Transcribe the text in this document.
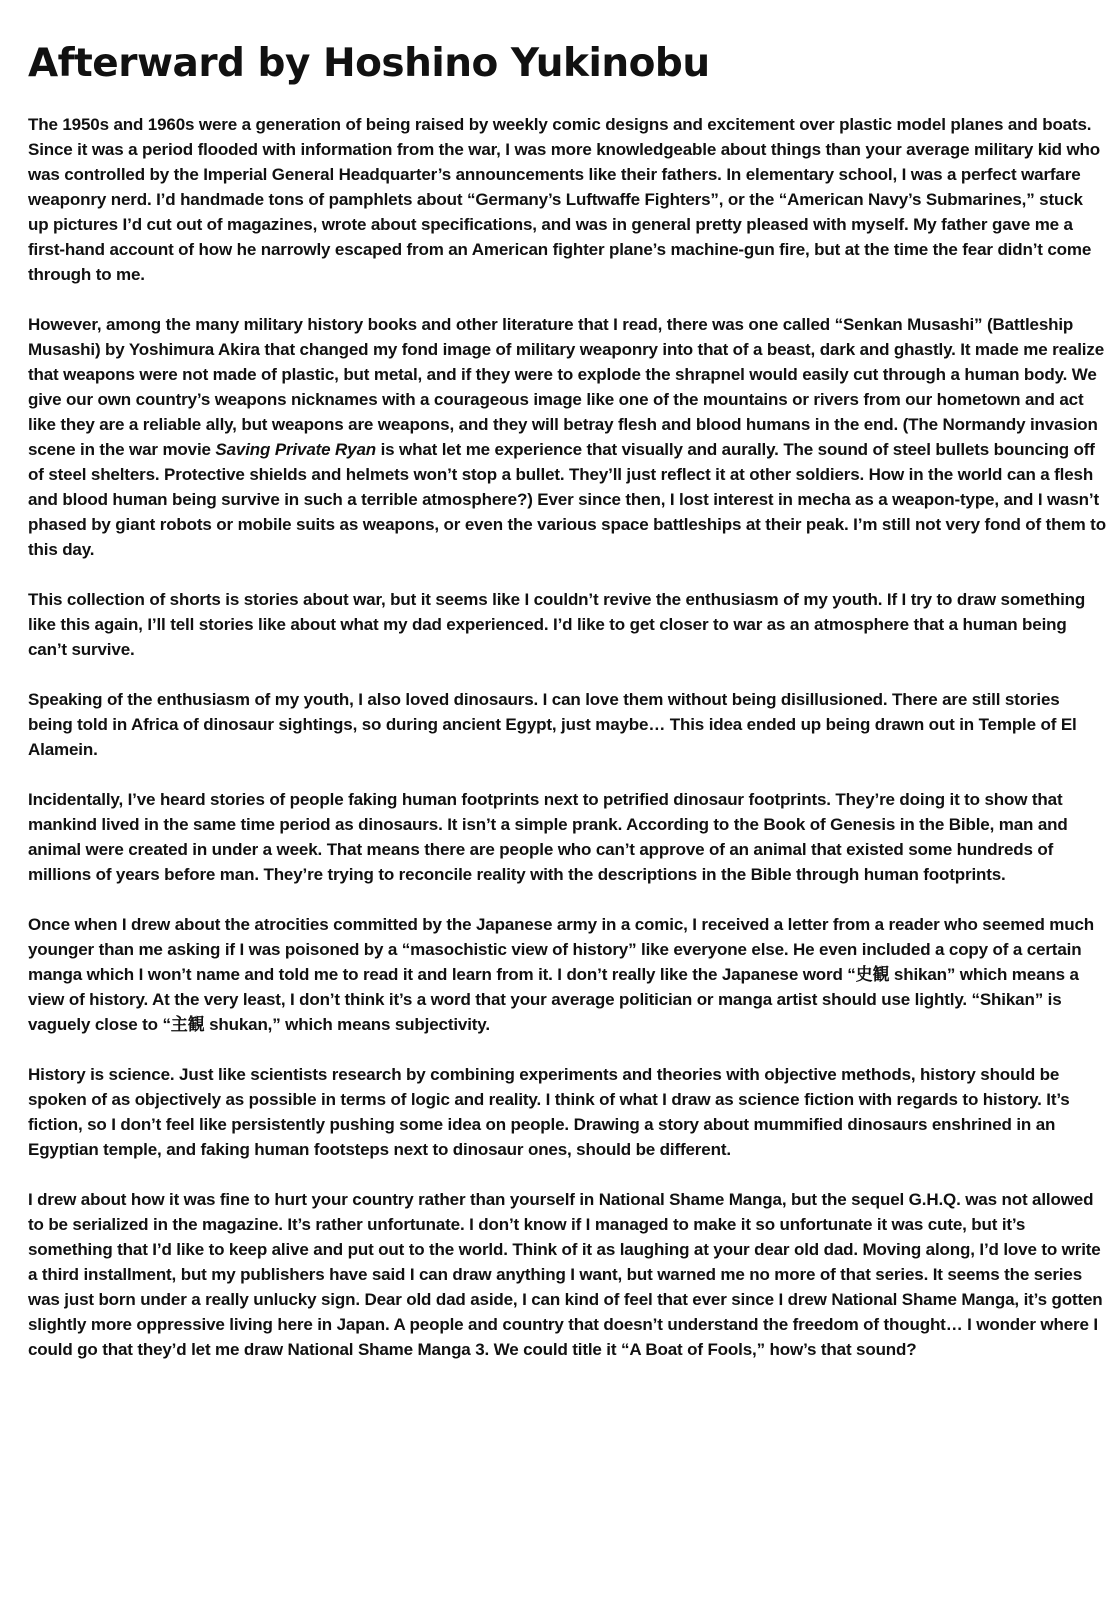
Afterward by Hoshino Yukinobu

The 1950s and 1960s were a generation of being raised by weekly comic designs and excitement over plastic model planes and boats. Since it was a period flooded with information from the war, I was more knowledgeable about things than your average military kid who was controlled by the Imperial General Headquarter’s announcements like their fathers. In elementary school, I was a perfect warfare weaponry nerd. I’d handmade tons of pamphlets about “Germany’s Luftwaffe Fighters”, or the “American Navy’s Submarines,” stuck up pictures I’d cut out of magazines, wrote about specifications, and was in general pretty pleased with myself. My father gave me a first-hand account of how he narrowly escaped from an American fighter plane’s machine-gun fire, but at the time the fear didn’t come through to me.

However, among the many military history books and other literature that I read, there was one called “Senkan Musashi” (Battleship Musashi) by Yoshimura Akira that changed my fond image of military weaponry into that of a beast, dark and ghastly. It made me realize that weapons were not made of plastic, but metal, and if they were to explode the shrapnel would easily cut through a human body. We give our own country’s weapons nicknames with a courageous image like one of the mountains or rivers from our hometown and act like they are a reliable ally, but weapons are weapons, and they will betray flesh and blood humans in the end. (The Normandy invasion scene in the war movie Saving Private Ryan is what let me experience that visually and aurally. The sound of steel bullets bouncing off of steel shelters. Protective shields and helmets won’t stop a bullet. They’ll just reflect it at other soldiers. How in the world can a flesh and blood human being survive in such a terrible atmosphere?) Ever since then, I lost interest in mecha as a weapon-type, and I wasn’t phased by giant robots or mobile suits as weapons, or even the various space battleships at their peak. I’m still not very fond of them to this day.

This collection of shorts is stories about war, but it seems like I couldn’t revive the enthusiasm of my youth. If I try to draw something like this again, I’ll tell stories like about what my dad experienced. I’d like to get closer to war as an atmosphere that a human being can’t survive.

Speaking of the enthusiasm of my youth, I also loved dinosaurs. I can love them without being disillusioned. There are still stories being told in Africa of dinosaur sightings, so during ancient Egypt, just maybe… This idea ended up being drawn out in Temple of El Alamein.

Incidentally, I’ve heard stories of people faking human footprints next to petrified dinosaur footprints. They’re doing it to show that mankind lived in the same time period as dinosaurs. It isn’t a simple prank. According to the Book of Genesis in the Bible, man and animal were created in under a week. That means there are people who can’t approve of an animal that existed some hundreds of millions of years before man. They’re trying to reconcile reality with the descriptions in the Bible through human footprints.

Once when I drew about the atrocities committed by the Japanese army in a comic, I received a letter from a reader who seemed much younger than me asking if I was poisoned by a “masochistic view of history” like everyone else. He even included a copy of a certain manga which I won’t name and told me to read it and learn from it. I don’t really like the Japanese word “史観 shikan” which means a view of history. At the very least, I don’t think it’s a word that your average politician or manga artist should use lightly. “Shikan” is vaguely close to “主観 shukan,” which means subjectivity.

History is science. Just like scientists research by combining experiments and theories with objective methods, history should be spoken of as objectively as possible in terms of logic and reality. I think of what I draw as science fiction with regards to history. It’s fiction, so I don’t feel like persistently pushing some idea on people. Drawing a story about mummified dinosaurs enshrined in an Egyptian temple, and faking human footsteps next to dinosaur ones, should be different.

I drew about how it was fine to hurt your country rather than yourself in National Shame Manga, but the sequel G.H.Q. was not allowed to be serialized in the magazine. It’s rather unfortunate. I don’t know if I managed to make it so unfortunate it was cute, but it’s something that I’d like to keep alive and put out to the world. Think of it as laughing at your dear old dad. Moving along, I’d love to write a third installment, but my publishers have said I can draw anything I want, but warned me no more of that series. It seems the series was just born under a really unlucky sign. Dear old dad aside, I can kind of feel that ever since I drew National Shame Manga, it’s gotten slightly more oppressive living here in Japan. A people and country that doesn’t understand the freedom of thought… I wonder where I could go that they’d let me draw National Shame Manga 3. We could title it “A Boat of Fools,” how’s that sound?
